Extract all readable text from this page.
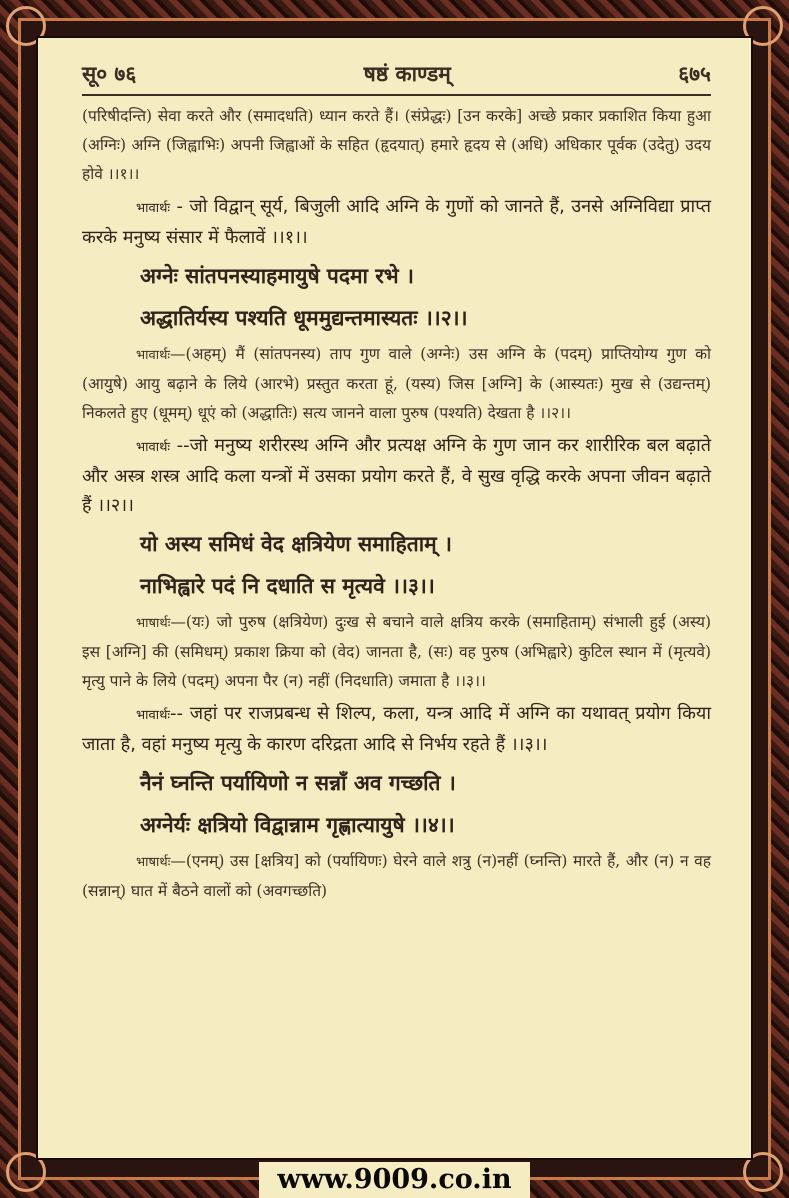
सू० ७६	षष्ठं काण्डम्	६७५

(परिषीदन्ति) सेवा करते और (समादधति) ध्यान करते हैं। (संप्रेद्धः) [उन करके] अच्छे प्रकार प्रकाशित किया हुआ (अग्निः) अग्नि (जिह्वाभिः) अपनी जिह्वाओं के सहित (हृदयात्) हमारे हृदय से (अधि) अधिकार पूर्वक (उदेतु) उदय होवे ।।१।।

भावार्थः - जो विद्वान् सूर्य, बिजुली आदि अग्नि के गुणों को जानते हैं, उनसे अग्निविद्या प्राप्त करके मनुष्य संसार में फैलावें ।।१।।

अग्नेः सांतपनस्याहमायुषे पदमा रभे ।
अद्धातिर्यस्य पश्यति धूममुद्यन्तमास्यतः ।।२।।

भावार्थः—(अहम्) मैं (सांतपनस्य) ताप गुण वाले (अग्नेः) उस अग्नि के (पदम्) प्राप्तियोग्य गुण को (आयुषे) आयु बढ़ाने के लिये (आरभे) प्रस्तुत करता हूं, (यस्य) जिस [अग्नि] के (आस्यतः) मुख से (उद्यन्तम्) निकलते हुए (धूमम्) धूएं को (अद्धातिः) सत्य जानने वाला पुरुष (पश्यति) देखता है ।।२।।

भावार्थः --जो मनुष्य शरीरस्थ अग्नि और प्रत्यक्ष अग्नि के गुण जान कर शारीरिक बल बढ़ाते और अस्त्र शस्त्र आदि कला यन्त्रों में उसका प्रयोग करते हैं, वे सुख वृद्धि करके अपना जीवन बढ़ाते हैं ।।२।।

यो अस्य समिधं वेद क्षत्रियेण समाहिताम् ।
नाभिह्वारे पदं नि दधाति स मृत्यवे ।।३।।

भाषार्थः—(यः) जो पुरुष (क्षत्रियेण) दुःख से बचाने वाले क्षत्रिय करके (समाहिताम्) संभाली हुई (अस्य) इस [अग्नि] की (समिधम्) प्रकाश क्रिया को (वेद) जानता है, (सः) वह पुरुष (अभिह्वारे) कुटिल स्थान में (मृत्यवे) मृत्यु पाने के लिये (पदम्) अपना पैर (न) नहीं (निदधाति) जमाता है ।।३।।

भावार्थः-- जहां पर राजप्रबन्ध से शिल्प, कला, यन्त्र आदि में अग्नि का यथावत् प्रयोग किया जाता है, वहां मनुष्य मृत्यु के कारण दरिद्रता आदि से निर्भय रहते हैं ।।३।।

नैनं घ्नन्ति पर्यायिणो न सन्नाँ अव गच्छति ।
अग्नेर्यः क्षत्रियो विद्वान्नाम गृह्णात्यायुषे ।।४।।

भाषार्थः—(एनम्) उस [क्षत्रिय] को (पर्यायिणः) घेरने वाले शत्रु (न)नहीं (घ्नन्ति) मारते हैं, और (न) न वह (सन्नान्) घात में बैठने वालों को (अवगच्छति)

www.9009.co.in
